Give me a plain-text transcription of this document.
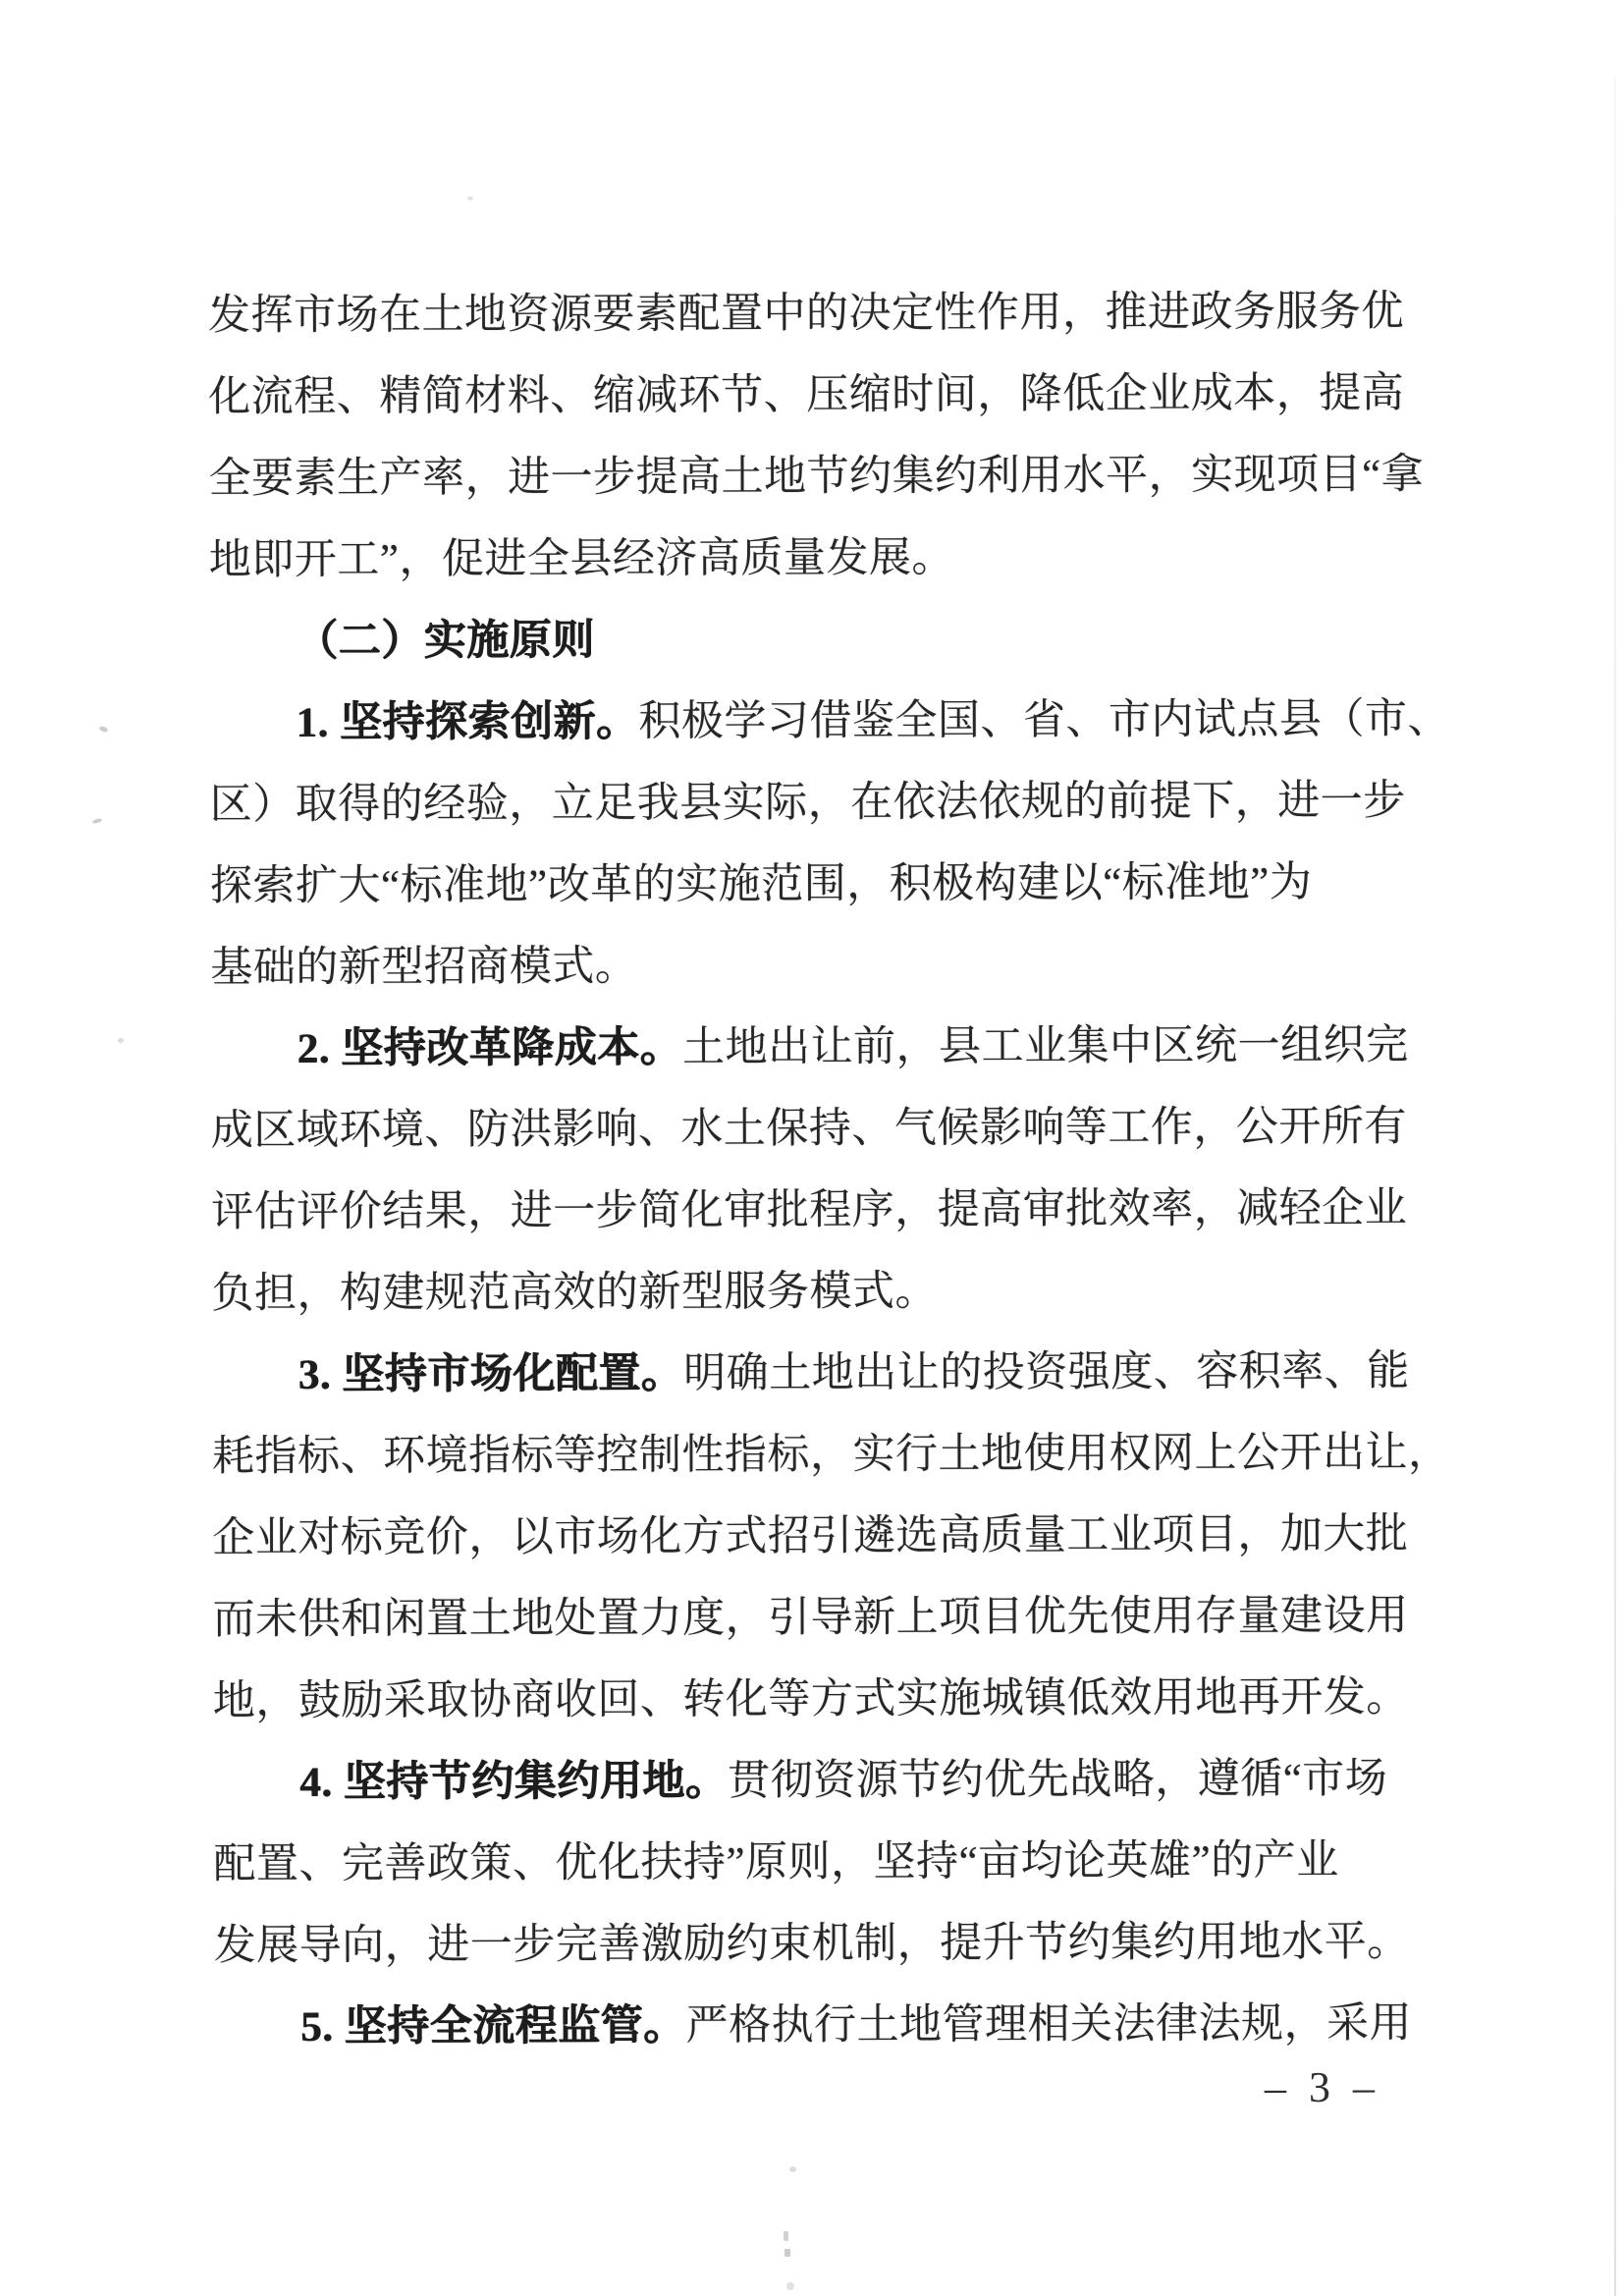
发挥市场在土地资源要素配置中的决定性作用，推进政务服务优
化流程、精简材料、缩减环节、压缩时间，降低企业成本，提高
全要素生产率，进一步提高土地节约集约利用水平，实现项目“拿
地即开工”，促进全县经济高质量发展。
（二）实施原则
1. 坚持探索创新。积极学习借鉴全国、省、市内试点县（市、
区）取得的经验，立足我县实际，在依法依规的前提下，进一步
探索扩大“标准地”改革的实施范围，积极构建以“标准地”为
基础的新型招商模式。
2. 坚持改革降成本。土地出让前，县工业集中区统一组织完
成区域环境、防洪影响、水土保持、气候影响等工作，公开所有
评估评价结果，进一步简化审批程序，提高审批效率，减轻企业
负担，构建规范高效的新型服务模式。
3. 坚持市场化配置。明确土地出让的投资强度、容积率、能
耗指标、环境指标等控制性指标，实行土地使用权网上公开出让，
企业对标竞价，以市场化方式招引遴选高质量工业项目，加大批
而未供和闲置土地处置力度，引导新上项目优先使用存量建设用
地，鼓励采取协商收回、转化等方式实施城镇低效用地再开发。
4. 坚持节约集约用地。贯彻资源节约优先战略，遵循“市场
配置、完善政策、优化扶持”原则，坚持“亩均论英雄”的产业
发展导向，进一步完善激励约束机制，提升节约集约用地水平。
5. 坚持全流程监管。严格执行土地管理相关法律法规，采用
– 3 –
